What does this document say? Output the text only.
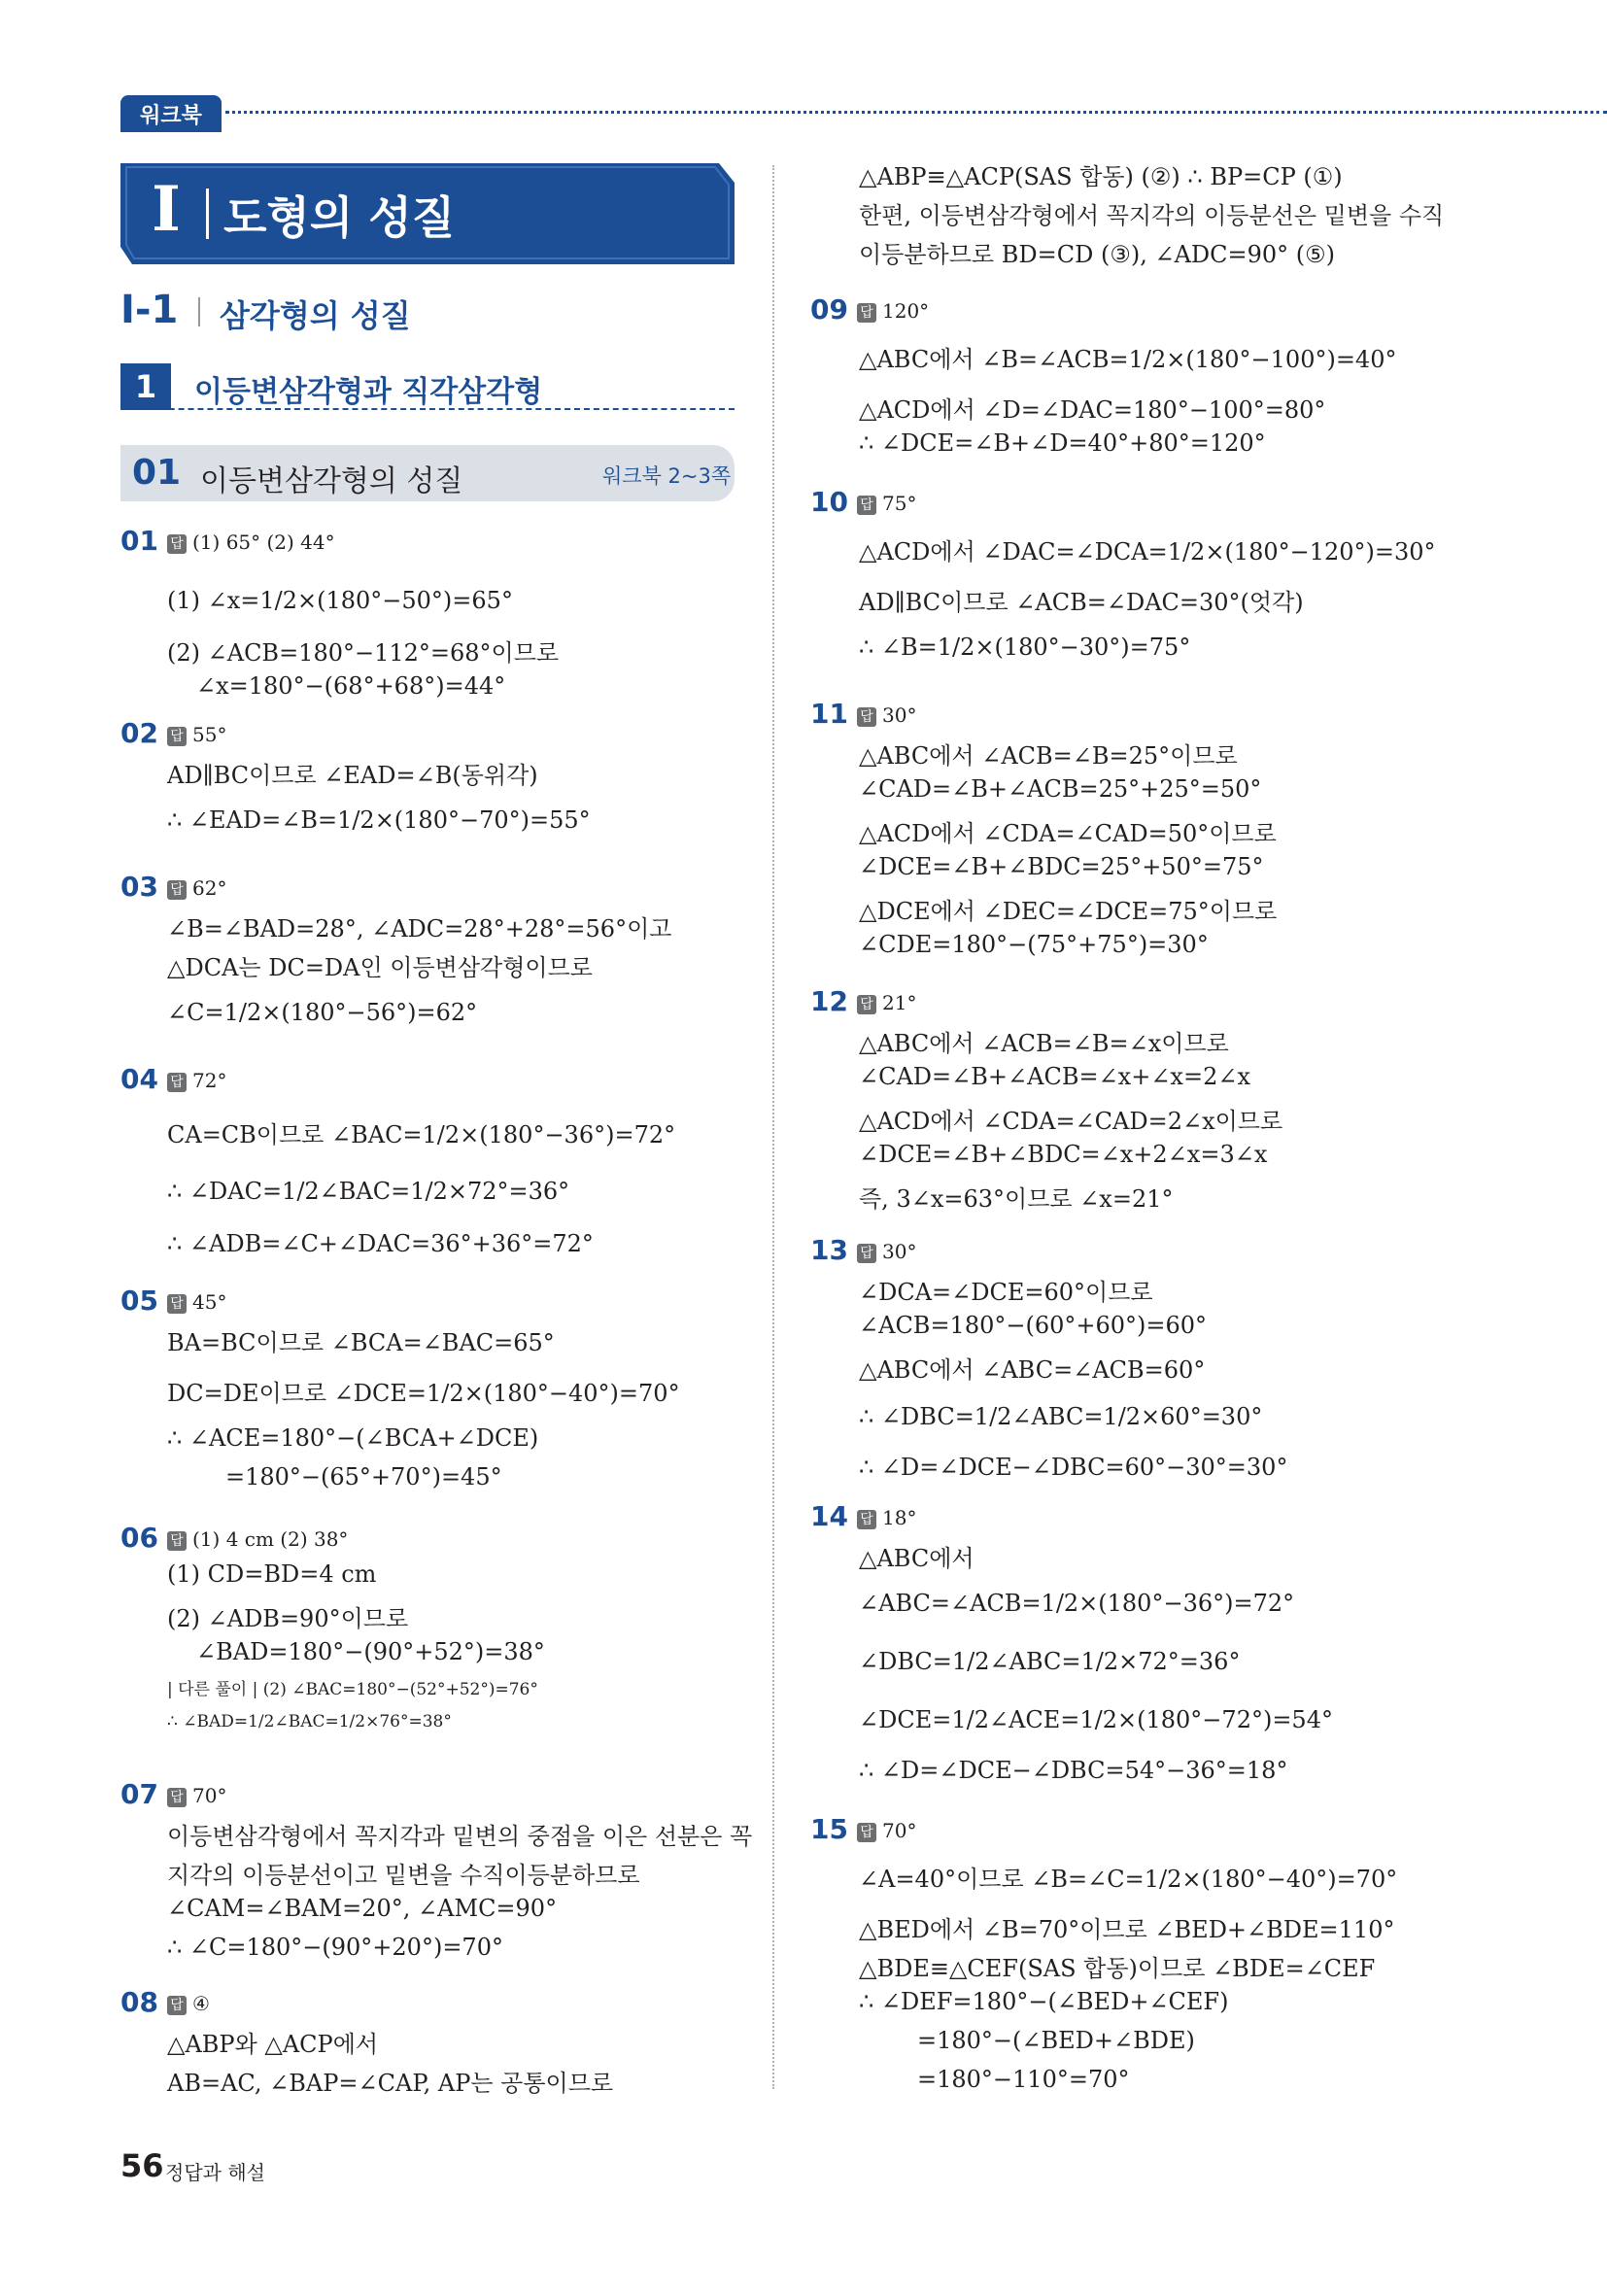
워크북
I 도형의 성질
I-1 삼각형의 성질
1	이등변삼각형과 직각삼각형
01 이등변삼각형의 성질	워크북 2~3쪽
01 답 (1) 65° (2) 44°
(1) ∠x=1/2×(180°−50°)=65°
(2) ∠ACB=180°−112°=68°이므로
∠x=180°−(68°+68°)=44°
02 답 55°
AD∥BC이므로 ∠EAD=∠B(동위각)
∴ ∠EAD=∠B=1/2×(180°−70°)=55°
03 답 62°
∠B=∠BAD=28°, ∠ADC=28°+28°=56°이고
△DCA는 DC=DA인 이등변삼각형이므로
∠C=1/2×(180°−56°)=62°
04 답 72°
CA=CB이므로 ∠BAC=1/2×(180°−36°)=72°
∴ ∠DAC=1/2∠BAC=1/2×72°=36°
∴ ∠ADB=∠C+∠DAC=36°+36°=72°
05 답 45°
BA=BC이므로 ∠BCA=∠BAC=65°
DC=DE이므로 ∠DCE=1/2×(180°−40°)=70°
∴ ∠ACE=180°−(∠BCA+∠DCE)
=180°−(65°+70°)=45°
06 답 (1) 4 cm (2) 38°
(1) CD=BD=4 cm
(2) ∠ADB=90°이므로
∠BAD=180°−(90°+52°)=38°
| 다른 풀이 | (2) ∠BAC=180°−(52°+52°)=76°
∴ ∠BAD=1/2∠BAC=1/2×76°=38°
07 답 70°
이등변삼각형에서 꼭지각과 밑변의 중점을 이은 선분은 꼭
지각의 이등분선이고 밑변을 수직이등분하므로
∠CAM=∠BAM=20°, ∠AMC=90°
∴ ∠C=180°−(90°+20°)=70°
08 답 ④
△ABP와 △ACP에서
AB=AC, ∠BAP=∠CAP, AP는 공통이므로
09 답 120°
△ABC에서 ∠B=∠ACB=1/2×(180°−100°)=40°
△ACD에서 ∠D=∠DAC=180°−100°=80°
∴ ∠DCE=∠B+∠D=40°+80°=120°
10 답 75°
△ACD에서 ∠DAC=∠DCA=1/2×(180°−120°)=30°
AD∥BC이므로 ∠ACB=∠DAC=30°(엇각)
∴ ∠B=1/2×(180°−30°)=75°
11 답 30°
△ABC에서 ∠ACB=∠B=25°이므로
∠CAD=∠B+∠ACB=25°+25°=50°
△ACD에서 ∠CDA=∠CAD=50°이므로
∠DCE=∠B+∠BDC=25°+50°=75°
△DCE에서 ∠DEC=∠DCE=75°이므로
∠CDE=180°−(75°+75°)=30°
12 답 21°
△ABC에서 ∠ACB=∠B=∠x이므로
∠CAD=∠B+∠ACB=∠x+∠x=2∠x
△ACD에서 ∠CDA=∠CAD=2∠x이므로
∠DCE=∠B+∠BDC=∠x+2∠x=3∠x
즉, 3∠x=63°이므로 ∠x=21°
13 답 30°
∠DCA=∠DCE=60°이므로
∠ACB=180°−(60°+60°)=60°
△ABC에서 ∠ABC=∠ACB=60°
∴ ∠DBC=1/2∠ABC=1/2×60°=30°
∴ ∠D=∠DCE−∠DBC=60°−30°=30°
14 답 18°
△ABC에서
∠ABC=∠ACB=1/2×(180°−36°)=72°
∠DBC=1/2∠ABC=1/2×72°=36°
∠DCE=1/2∠ACE=1/2×(180°−72°)=54°
∴ ∠D=∠DCE−∠DBC=54°−36°=18°
15 답 70°
∠A=40°이므로 ∠B=∠C=1/2×(180°−40°)=70°
△BED에서 ∠B=70°이므로 ∠BED+∠BDE=110°
△BDE≡△CEF(SAS 합동)이므로 ∠BDE=∠CEF
∴ ∠DEF=180°−(∠BED+∠CEF)
=180°−(∠BED+∠BDE)
=180°−110°=70°
△ABP≡△ACP(SAS 합동) (②) ∴ BP=CP (①)
한편, 이등변삼각형에서 꼭지각의 이등분선은 밑변을 수직
이등분하므로 BD=CD (③), ∠ADC=90° (⑤)
56 정답과 해설
